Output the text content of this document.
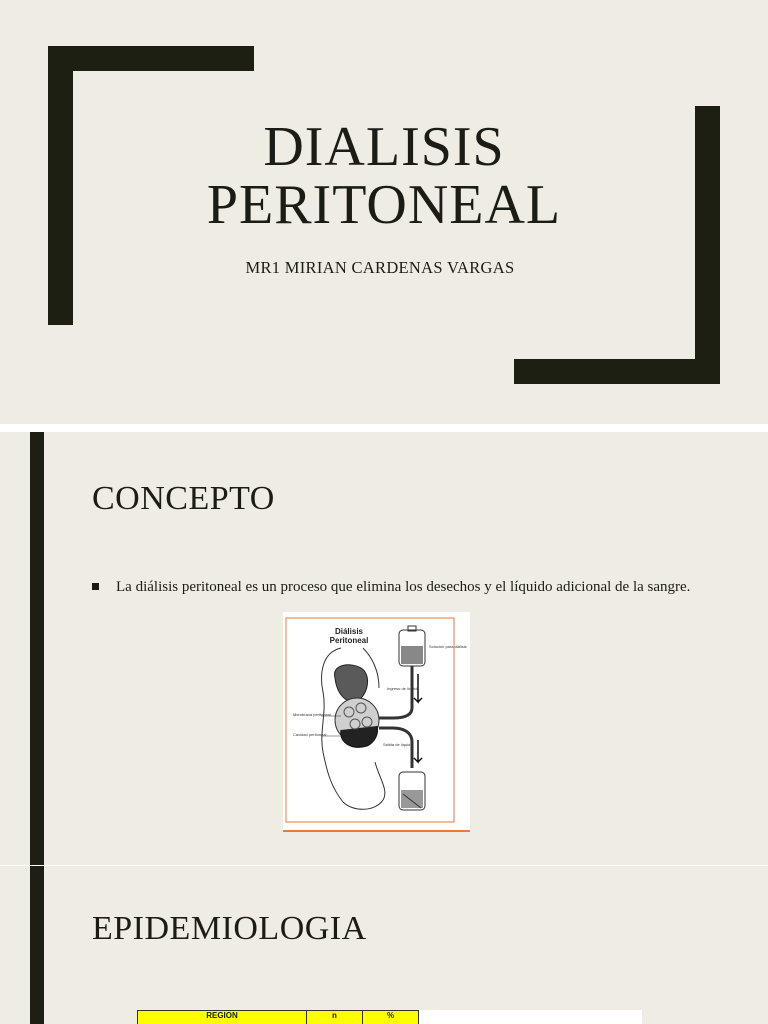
DIALISIS
PERITONEAL

MR1 MIRIAN CARDENAS VARGAS

CONCEPTO
La diálisis peritoneal es un proceso que elimina los desechos y el líquido adicional de la sangre.
Diálisis
Peritoneal
Solución para diálisis
Ingreso de líquido
Salida de líquido
Membrana peritoneal
Cavidad peritoneal
EPIDEMIOLOGIA
REGION	n	%
